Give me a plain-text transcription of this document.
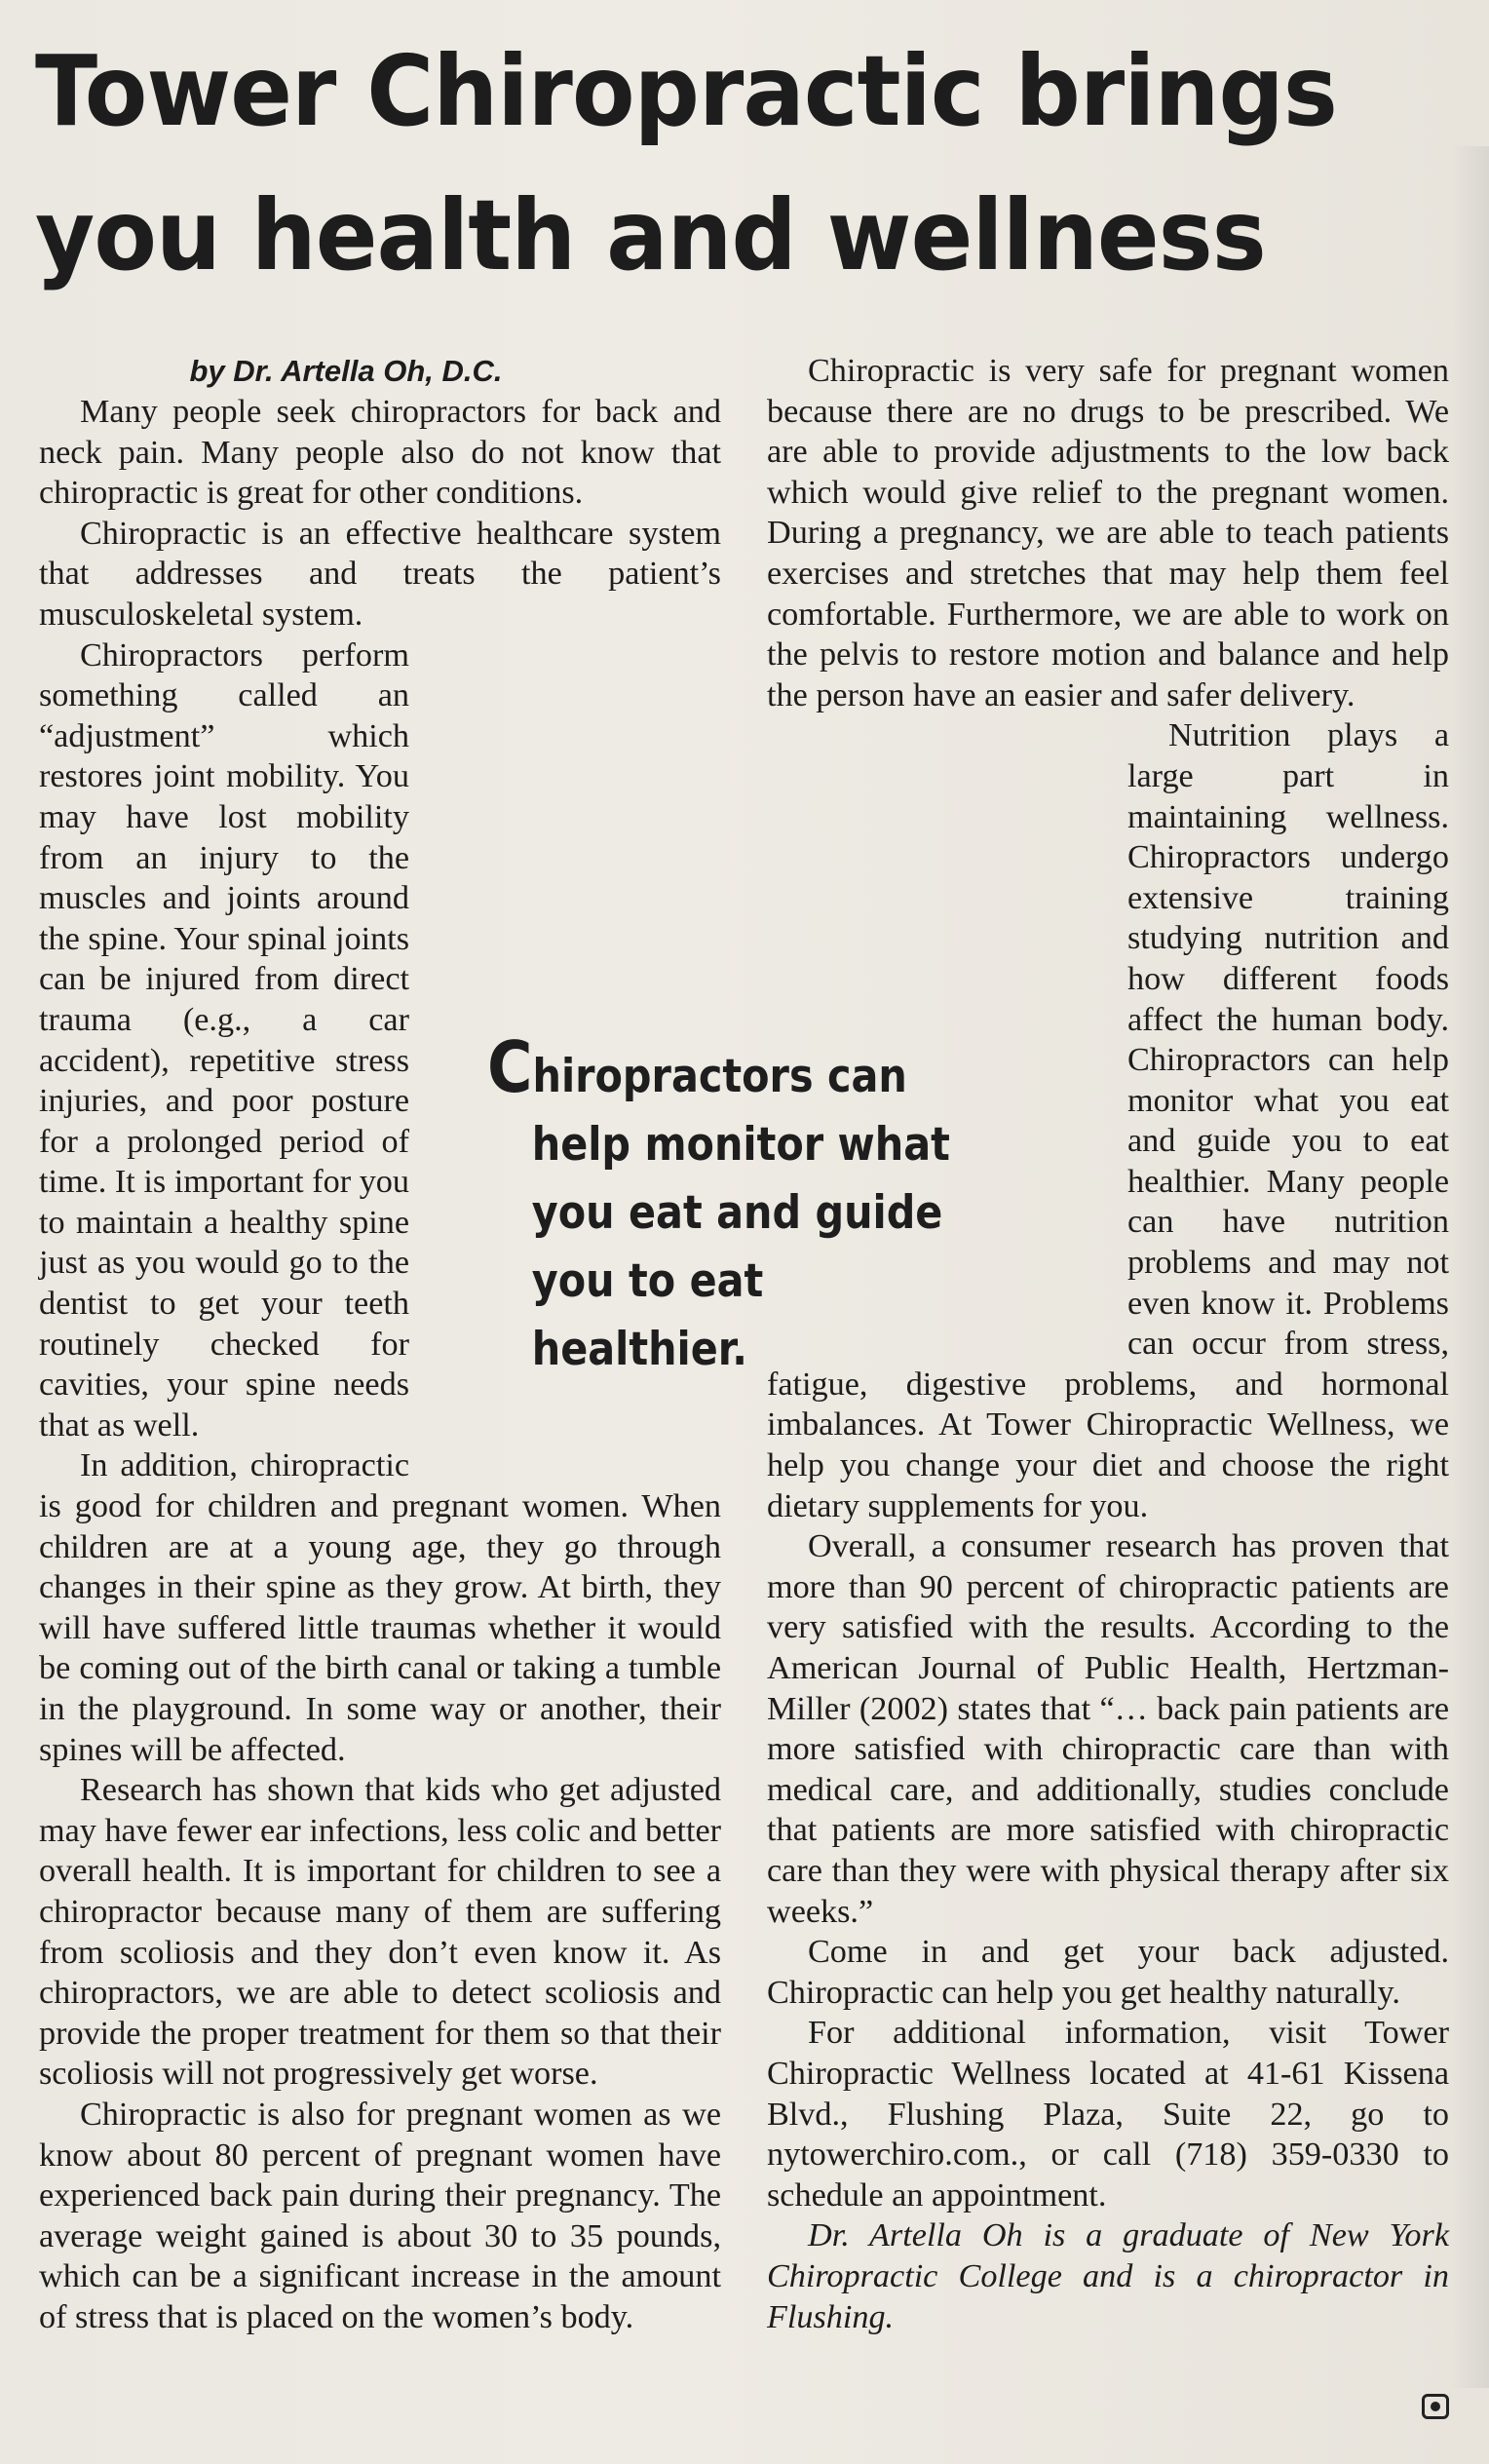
Tower Chiropractic brings you health and wellness

by Dr. Artella Oh, D.C.

Many people seek chiropractors for back and neck pain. Many people also do not know that chiropractic is great for other conditions.

Chiropractic is an effective healthcare system that addresses and treats the patient’s musculoskeletal system.

Chiropractors perform something called an “adjustment” which restores joint mobility. You may have lost mobility from an injury to the muscles and joints around the spine. Your spinal joints can be injured from direct trauma (e.g., a car accident), repetitive stress injuries, and poor posture for a prolonged period of time. It is important for you to maintain a healthy spine just as you would go to the dentist to get your teeth routinely checked for cavities, your spine needs that as well.

In addition, chiropractic is good for children and pregnant women. When children are at a young age, they go through changes in their spine as they grow. At birth, they will have suffered little traumas whether it would be coming out of the birth canal or taking a tumble in the playground. In some way or another, their spines will be affected.

Research has shown that kids who get adjusted may have fewer ear infections, less colic and better overall health. It is important for children to see a chiropractor because many of them are suffering from scoliosis and they don’t even know it. As chiropractors, we are able to detect scoliosis and provide the proper treatment for them so that their scoliosis will not progressively get worse.

Chiropractic is also for pregnant women as we know about 80 percent of pregnant women have experienced back pain during their pregnancy. The average weight gained is about 30 to 35 pounds, which can be a significant increase in the amount of stress that is placed on the women’s body.

Chiropractic is very safe for pregnant women because there are no drugs to be prescribed. We are able to provide adjustments to the low back which would give relief to the pregnant women. During a pregnancy, we are able to teach patients exercises and stretches that may help them feel comfortable. Furthermore, we are able to work on the pelvis to restore motion and balance and help the person have an easier and safer delivery.

Nutrition plays a large part in maintaining wellness. Chiropractors undergo extensive training studying nutrition and how different foods affect the human body. Chiropractors can help monitor what you eat and guide you to eat healthier. Many people can have nutrition problems and may not even know it. Problems can occur from stress, fatigue, digestive problems, and hormonal imbalances. At Tower Chiropractic Wellness, we help you change your diet and choose the right dietary supplements for you.

Overall, a consumer research has proven that more than 90 percent of chiropractic patients are very satisfied with the results. According to the American Journal of Public Health, Hertzman-Miller (2002) states that “… back pain patients are more satisfied with chiropractic care than with medical care, and additionally, studies conclude that patients are more satisfied with chiropractic care than they were with physical therapy after six weeks.”

Come in and get your back adjusted. Chiropractic can help you get healthy naturally.

For additional information, visit Tower Chiropractic Wellness located at 41-61 Kissena Blvd., Flushing Plaza, Suite 22, go to nytowerchiro.com., or call (718) 359-0330 to schedule an appointment.

Dr. Artella Oh is a graduate of New York Chiropractic College and is a chiropractor in Flushing.

Chiropractors can
help monitor what
you eat and guide
you to eat healthier.
